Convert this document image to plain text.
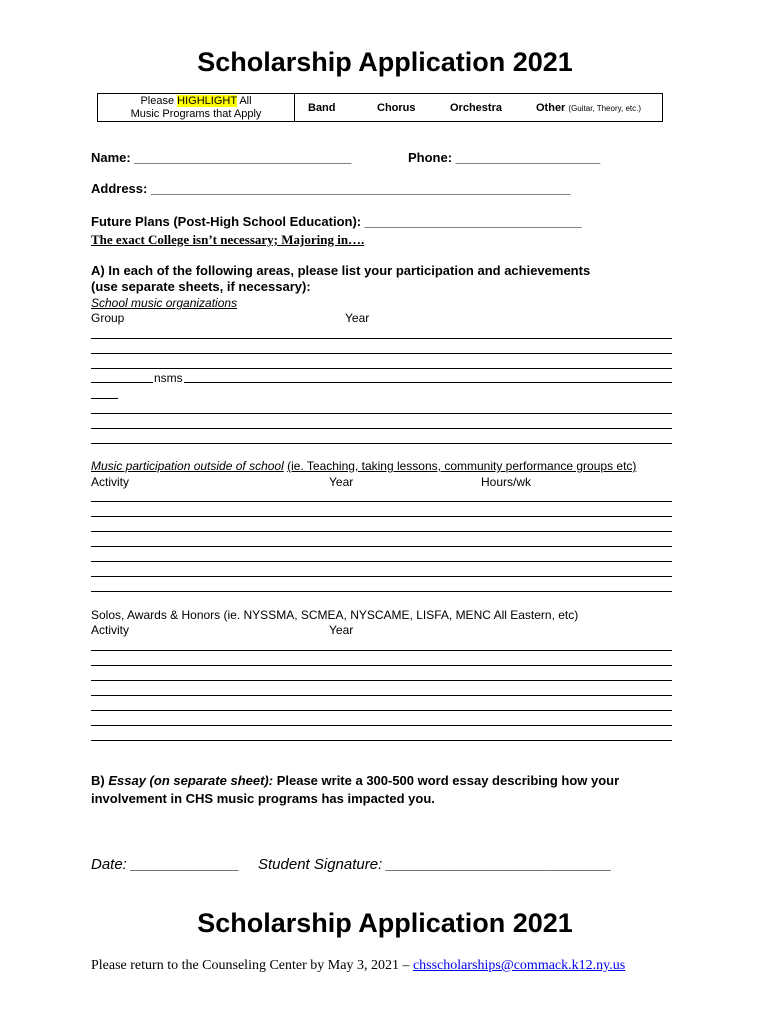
Scholarship Application 2021
Please HIGHLIGHT All
Music Programs that Apply	Band	Chorus	Orchestra	Other (Guitar, Theory, etc.)
Name: ______________________________	Phone: ____________________
Address: __________________________________________________________
Future Plans (Post-High School Education): ______________________________
The exact College isn’t necessary; Majoring in….
A) In each of the following areas, please list your participation and achievements
(use separate sheets, if necessary):
School music organizations
Group	Year
nsms
Music participation outside of school (ie. Teaching, taking lessons, community performance groups etc)
Activity	Year	Hours/wk
Solos, Awards & Honors (ie. NYSSMA, SCMEA, NYSCAME, LISFA, MENC All Eastern, etc)
Activity	Year
B) Essay (on separate sheet): Please write a 300-500 word essay describing how your
involvement in CHS music programs has impacted you.
Date: _____________ Student Signature: ___________________________
Scholarship Application 2021
Please return to the Counseling Center by May 3, 2021 – chsscholarships@commack.k12.ny.us
